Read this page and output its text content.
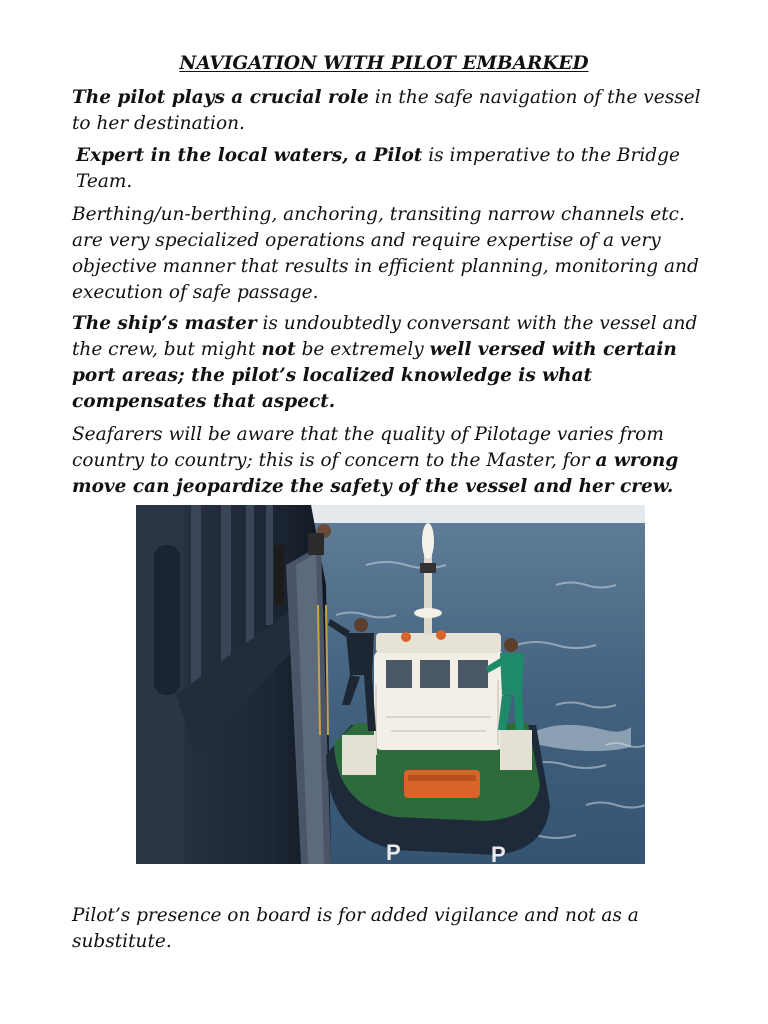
NAVIGATION WITH PILOT EMBARKED

The pilot plays a crucial role in the safe navigation of the vessel to her destination.

Expert in the local waters, a Pilot is imperative to the Bridge Team.

Berthing/un-berthing, anchoring, transiting narrow channels etc. are very specialized operations and require expertise of a very objective manner that results in efficient planning, monitoring and execution of safe passage.

The ship’s master is undoubtedly conversant with the vessel and the crew, but might not be extremely well versed with certain port areas; the pilot’s localized knowledge is what compensates that aspect.

Seafarers will be aware that the quality of Pilotage varies from country to country; this is of concern to the Master, for a wrong move can jeopardize the safety of the vessel and her crew.

P	P

Pilot’s presence on board is for added vigilance and not as a substitute.
